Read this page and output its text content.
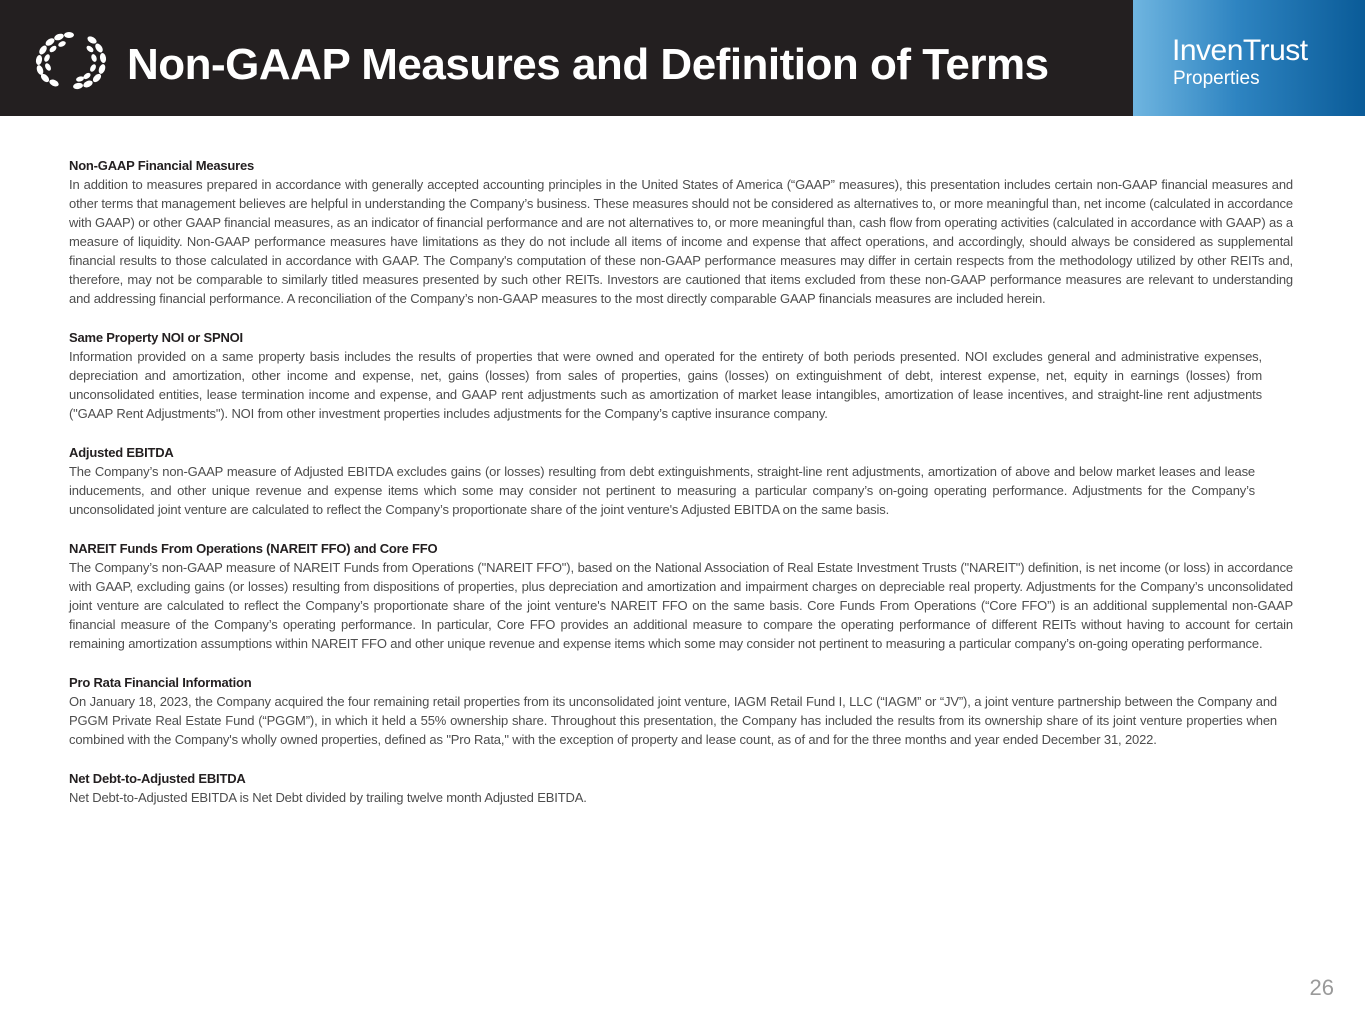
Non-GAAP Measures and Definition of Terms	InvenTrust
Properties
Non-GAAP Financial Measures

In addition to measures prepared in accordance with generally accepted accounting principles in the United States of America (“GAAP” measures), this presentation includes certain non-GAAP financial measures and other terms that management believes are helpful in understanding the Company’s business. These measures should not be considered as alternatives to, or more meaningful than, net income (calculated in accordance with GAAP) or other GAAP financial measures, as an indicator of financial performance and are not alternatives to, or more meaningful than, cash flow from operating activities (calculated in accordance with GAAP) as a measure of liquidity. Non-GAAP performance measures have limitations as they do not include all items of income and expense that affect operations, and accordingly, should always be considered as supplemental financial results to those calculated in accordance with GAAP. The Company's computation of these non-GAAP performance measures may differ in certain respects from the methodology utilized by other REITs and, therefore, may not be comparable to similarly titled measures presented by such other REITs. Investors are cautioned that items excluded from these non-GAAP performance measures are relevant to understanding and addressing financial performance. A reconciliation of the Company’s non-GAAP measures to the most directly comparable GAAP financials measures are included herein.

Same Property NOI or SPNOI

Information provided on a same property basis includes the results of properties that were owned and operated for the entirety of both periods presented. NOI excludes general and administrative expenses, depreciation and amortization, other income and expense, net, gains (losses) from sales of properties, gains (losses) on extinguishment of debt, interest expense, net, equity in earnings (losses) from unconsolidated entities, lease termination income and expense, and GAAP rent adjustments such as amortization of market lease intangibles, amortization of lease incentives, and straight-line rent adjustments ("GAAP Rent Adjustments"). NOI from other investment properties includes adjustments for the Company’s captive insurance company.

Adjusted EBITDA

The Company’s non-GAAP measure of Adjusted EBITDA excludes gains (or losses) resulting from debt extinguishments, straight-line rent adjustments, amortization of above and below market leases and lease inducements, and other unique revenue and expense items which some may consider not pertinent to measuring a particular company’s on-going operating performance. Adjustments for the Company’s unconsolidated joint venture are calculated to reflect the Company’s proportionate share of the joint venture's Adjusted EBITDA on the same basis.

NAREIT Funds From Operations (NAREIT FFO) and Core FFO

The Company’s non-GAAP measure of NAREIT Funds from Operations ("NAREIT FFO"), based on the National Association of Real Estate Investment Trusts ("NAREIT") definition, is net income (or loss) in accordance with GAAP, excluding gains (or losses) resulting from dispositions of properties, plus depreciation and amortization and impairment charges on depreciable real property. Adjustments for the Company’s unconsolidated joint venture are calculated to reflect the Company’s proportionate share of the joint venture's NAREIT FFO on the same basis. Core Funds From Operations (“Core FFO”) is an additional supplemental non-GAAP financial measure of the Company’s operating performance. In particular, Core FFO provides an additional measure to compare the operating performance of different REITs without having to account for certain remaining amortization assumptions within NAREIT FFO and other unique revenue and expense items which some may consider not pertinent to measuring a particular company’s on-going operating performance.

Pro Rata Financial Information

On January 18, 2023, the Company acquired the four remaining retail properties from its unconsolidated joint venture, IAGM Retail Fund I, LLC (“IAGM” or “JV”), a joint venture partnership between the Company and PGGM Private Real Estate Fund (“PGGM”), in which it held a 55% ownership share. Throughout this presentation, the Company has included the results from its ownership share of its joint venture properties when combined with the Company's wholly owned properties, defined as "Pro Rata," with the exception of property and lease count, as of and for the three months and year ended December 31, 2022.

Net Debt-to-Adjusted EBITDA

Net Debt-to-Adjusted EBITDA is Net Debt divided by trailing twelve month Adjusted EBITDA.

26
